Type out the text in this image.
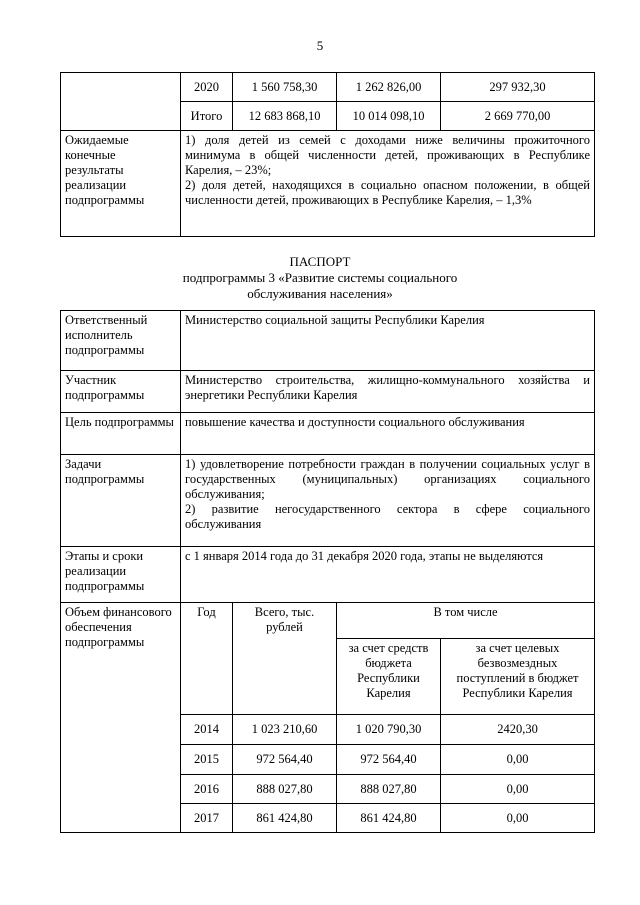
5
	2020	1 560 758,30	1 262 826,00	297 932,30
	Итого	12 683 868,10	10 014 098,10	2 669 770,00
Ожидаемые конечные результаты реализации подпрограммы	1) доля детей из семей с доходами ниже величины прожиточного минимума в общей численности детей, проживающих в Республике Карелия, – 23%;
2) доля детей, находящихся в социально опасном положении, в общей численности детей, проживающих в Республике Карелия, – 1,3%			
ПАСПОРТ
подпрограммы 3 «Развитие системы социального
обслуживания населения»
Ответственный исполнитель подпрограммы	Министерство социальной защиты Республики Карелия			
Участник подпрограммы	Министерство строительства, жилищно-коммунального хозяйства и энергетики Республики Карелия			
Цель подпрограммы	повышение качества и доступности социального обслуживания			
Задачи подпрограммы	1) удовлетворение потребности граждан в получении социальных услуг в государственных (муниципальных) организациях социального обслуживания;
2) развитие негосударственного сектора в сфере социального обслуживания			

Этапы и сроки реализации подпрограммы	с 1 января 2014 года до 31 декабря 2020 года, этапы не выделяются			
Объем финансового обеспечения подпрограммы	Год	Всего, тыс. рублей	В том числе	
			за счет средств бюджета Республики Карелия	за счет целевых безвозмездных поступлений в бюджет Республики Карелия
	2014	1 023 210,60	1 020 790,30	2420,30
	2015	972 564,40	972 564,40	0,00
	2016	888 027,80	888 027,80	0,00
	2017	861 424,80	861 424,80	0,00
